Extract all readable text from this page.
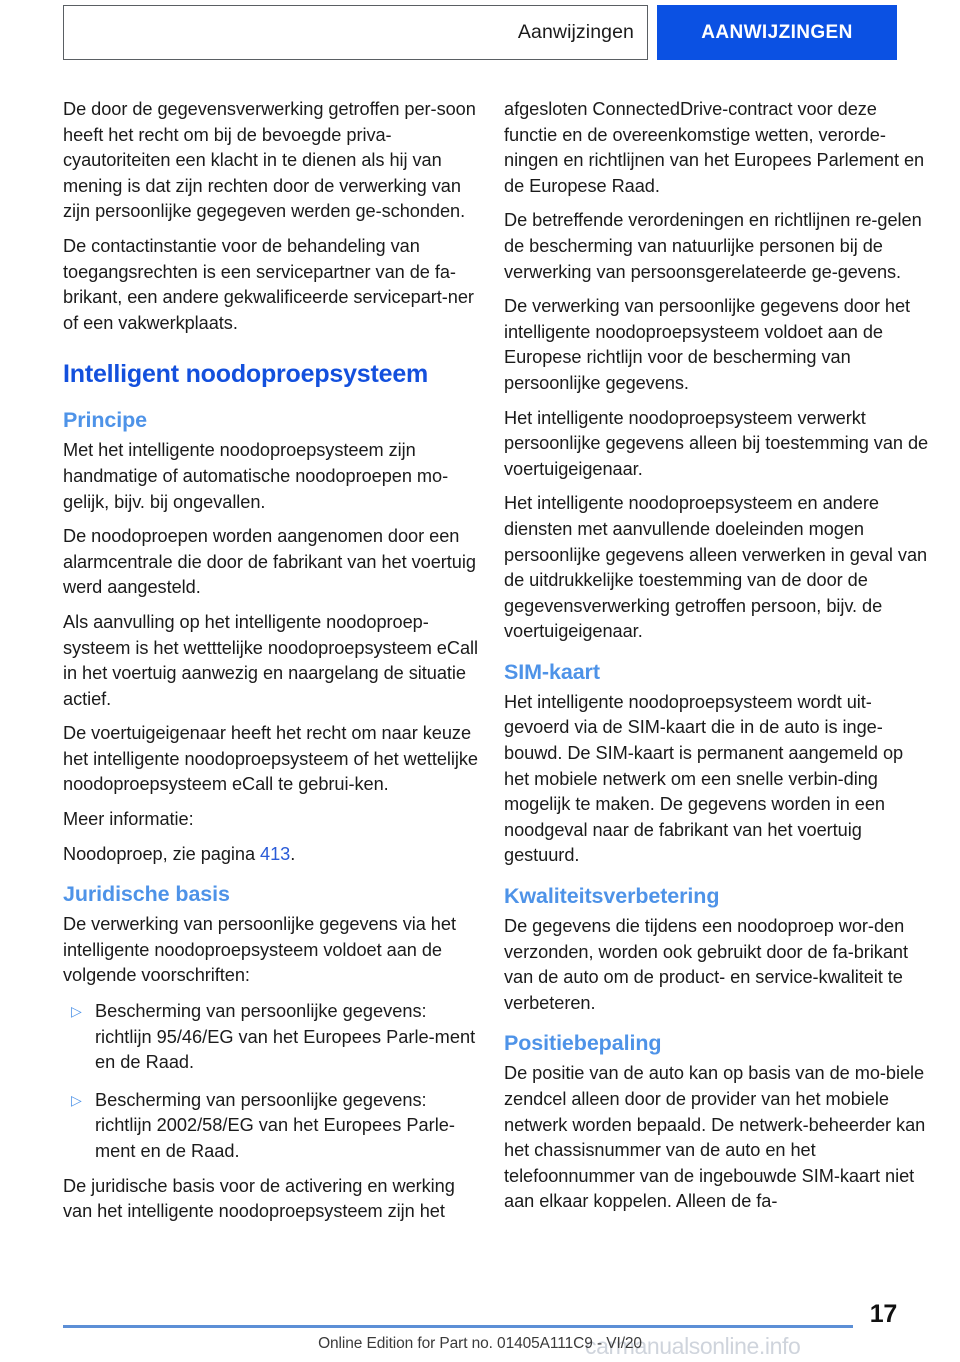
Aanwijzingen	AANWIJZINGEN

De door de gegevensverwerking getroffen per-soon heeft het recht om bij de bevoegde priva-cyautoriteiten een klacht in te dienen als hij van mening is dat zijn rechten door de verwerking van zijn persoonlijke gegegeven werden ge-schonden.

De contactinstantie voor de behandeling van toegangsrechten is een servicepartner van de fa-brikant, een andere gekwalificeerde servicepart-ner of een vakwerkplaats.

Intelligent noodoproepsysteem
Principe

Met het intelligente noodoproepsysteem zijn handmatige of automatische noodoproepen mo-gelijk, bijv. bij ongevallen.

De noodoproepen worden aangenomen door een alarmcentrale die door de fabrikant van het voertuig werd aangesteld.

Als aanvulling op het intelligente noodoproep-systeem is het wetttelijke noodoproepsysteem eCall in het voertuig aanwezig en naargelang de situatie actief.

De voertuigeigenaar heeft het recht om naar keuze het intelligente noodoproepsysteem of het wettelijke noodoproepsysteem eCall te gebrui-ken.

Meer informatie:

Noodoproep, zie pagina 413.

Juridische basis

De verwerking van persoonlijke gegevens via het intelligente noodoproepsysteem voldoet aan de volgende voorschriften:

▷ Bescherming van persoonlijke gegevens: richtlijn 95/46/EG van het Europees Parle-ment en de Raad.
▷ Bescherming van persoonlijke gegevens: richtlijn 2002/58/EG van het Europees Parle-ment en de Raad.

De juridische basis voor de activering en werking van het intelligente noodoproepsysteem zijn het

afgesloten ConnectedDrive-contract voor deze functie en de overeenkomstige wetten, verorde-ningen en richtlijnen van het Europees Parlement en de Europese Raad.

De betreffende verordeningen en richtlijnen re-gelen de bescherming van natuurlijke personen bij de verwerking van persoonsgerelateerde ge-gevens.

De verwerking van persoonlijke gegevens door het intelligente noodoproepsysteem voldoet aan de Europese richtlijn voor de bescherming van persoonlijke gegevens.

Het intelligente noodoproepsysteem verwerkt persoonlijke gegevens alleen bij toestemming van de voertuigeigenaar.

Het intelligente noodoproepsysteem en andere diensten met aanvullende doeleinden mogen persoonlijke gegevens alleen verwerken in geval van de uitdrukkelijke toestemming van de door de gegevensverwerking getroffen persoon, bijv. de voertuigeigenaar.

SIM-kaart

Het intelligente noodoproepsysteem wordt uit-gevoerd via de SIM-kaart die in de auto is inge-bouwd. De SIM-kaart is permanent aangemeld op het mobiele netwerk om een snelle verbin-ding mogelijk te maken. De gegevens worden in een noodgeval naar de fabrikant van het voertuig gestuurd.

Kwaliteitsverbetering

De gegevens die tijdens een noodoproep wor-den verzonden, worden ook gebruikt door de fa-brikant van de auto om de product- en service-kwaliteit te verbeteren.

Positiebepaling

De positie van de auto kan op basis van de mo-biele zendcel alleen door de provider van het mobiele netwerk worden bepaald. De netwerk-beheerder kan het chassisnummer van de auto en het telefoonnummer van de ingebouwde SIM-kaart niet aan elkaar koppelen. Alleen de fa-

17
carmanualsonline.info
Online Edition for Part no. 01405A111C9 - VI/20
